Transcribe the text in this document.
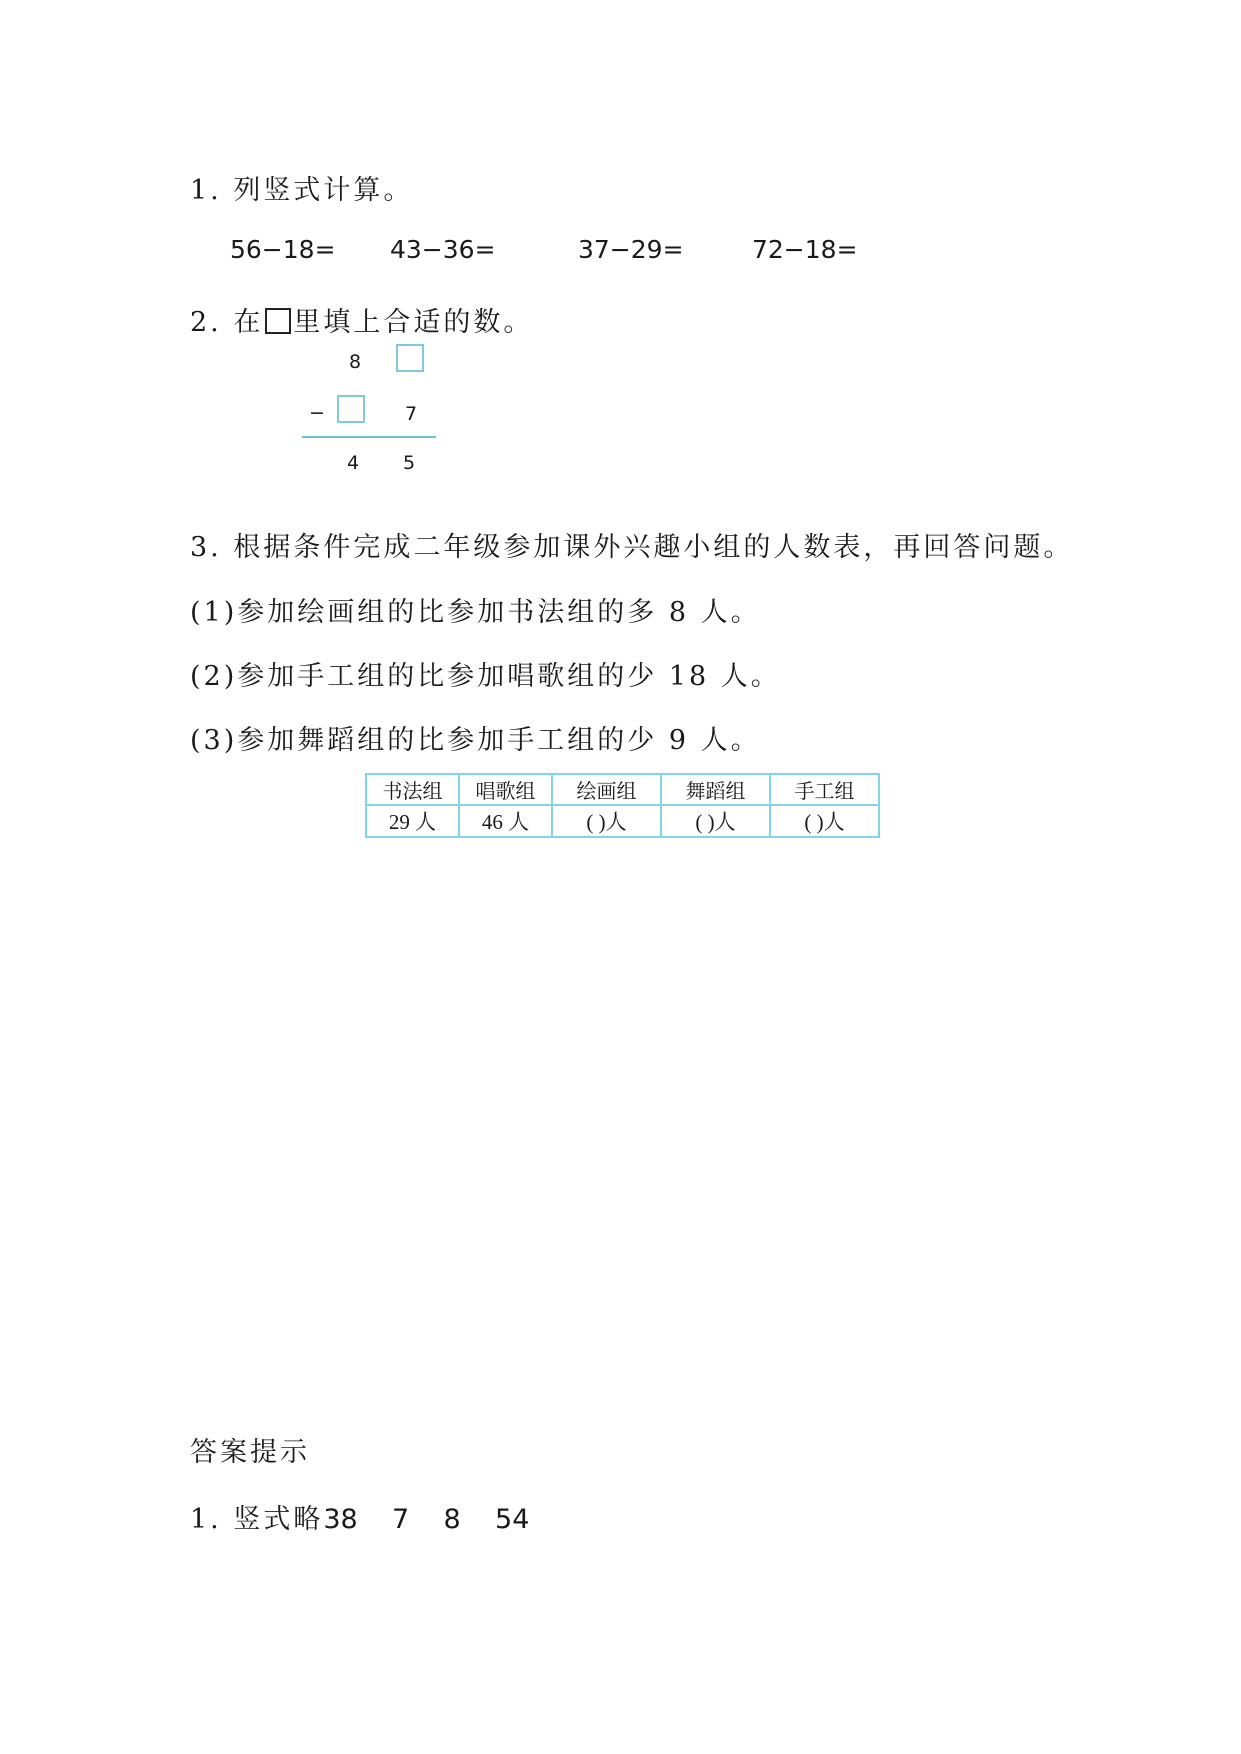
1. 列竖式计算。
56−18= 43−36=	37−29=	72−18=
2. 在 里填上合适的数。
8
−	7
4 5
3. 根据条件完成二年级参加课外兴趣小组的人数表，再回答问题。
(1)参加绘画组的比参加书法组的多 8 人。
(2)参加手工组的比参加唱歌组的少 18 人。
(3)参加舞蹈组的比参加手工组的少 9 人。
书法组	唱歌组	绘画组	舞蹈组	手工组
29 人	46 人	( )人	( )人	( )人
答案提示
1. 竖式略38    7    8    54
